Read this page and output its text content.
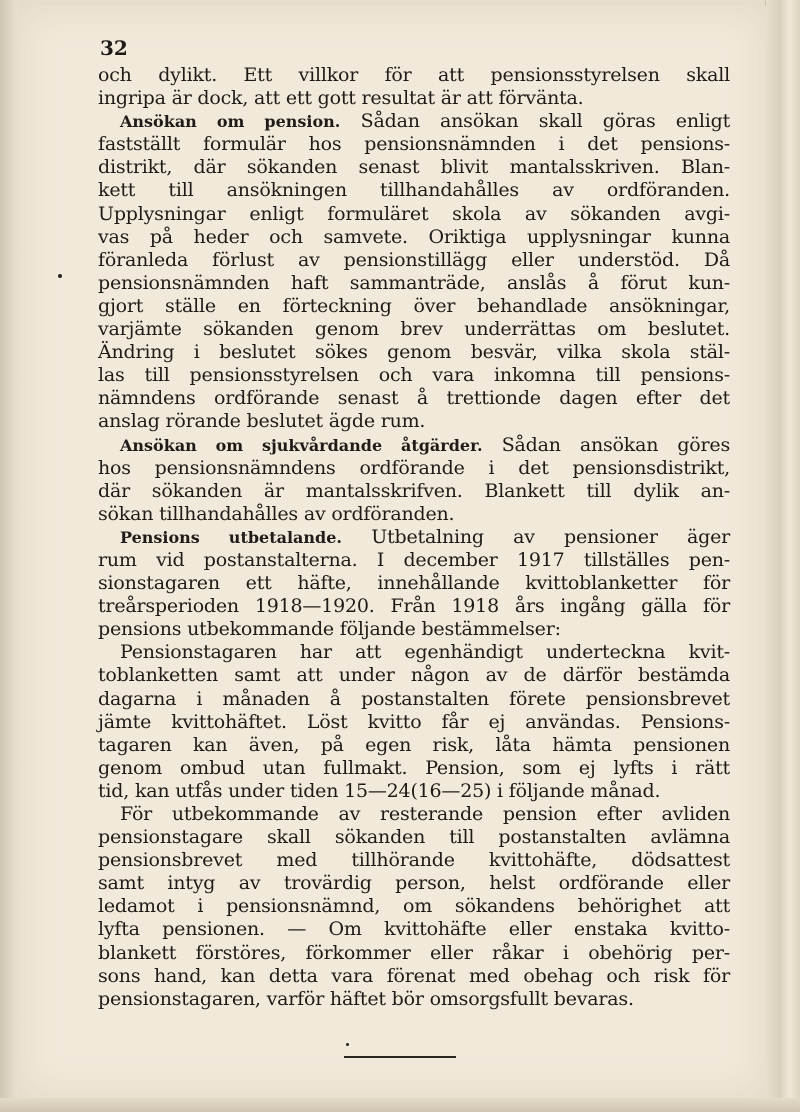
32
och dylikt. Ett villkor för att pensionsstyrelsen skall
ingripa är dock, att ett gott resultat är att förvänta.
Ansökan om pension. Sådan ansökan skall göras enligt
fastställt formulär hos pensionsnämnden i det pensions-
distrikt, där sökanden senast blivit mantalsskriven. Blan-
kett till ansökningen tillhandahålles av ordföranden.
Upplysningar enligt formuläret skola av sökanden avgi-
vas på heder och samvete. Oriktiga upplysningar kunna
föranleda förlust av pensionstillägg eller understöd. Då
pensionsnämnden haft sammanträde, anslås å förut kun-
gjort ställe en förteckning över behandlade ansökningar,
varjämte sökanden genom brev underrättas om beslutet.
Ändring i beslutet sökes genom besvär, vilka skola stäl-
las till pensionsstyrelsen och vara inkomna till pensions-
nämndens ordförande senast å trettionde dagen efter det
anslag rörande beslutet ägde rum.
Ansökan om sjukvårdande åtgärder. Sådan ansökan göres
hos pensionsnämndens ordförande i det pensionsdistrikt,
där sökanden är mantalsskrifven. Blankett till dylik an-
sökan tillhandahålles av ordföranden.
Pensions utbetalande. Utbetalning av pensioner äger
rum vid postanstalterna. I december 1917 tillställes pen-
sionstagaren ett häfte, innehållande kvittoblanketter för
treårsperioden 1918—1920. Från 1918 års ingång gälla för
pensions utbekommande följande bestämmelser:
Pensionstagaren har att egenhändigt underteckna kvit-
toblanketten samt att under någon av de därför bestämda
dagarna i månaden å postanstalten förete pensionsbrevet
jämte kvittohäftet. Löst kvitto får ej användas. Pensions-
tagaren kan även, på egen risk, låta hämta pensionen
genom ombud utan fullmakt. Pension, som ej lyfts i rätt
tid, kan utfås under tiden 15—24(16—25) i följande månad.
För utbekommande av resterande pension efter avliden
pensionstagare skall sökanden till postanstalten avlämna
pensionsbrevet med tillhörande kvittohäfte, dödsattest
samt intyg av trovärdig person, helst ordförande eller
ledamot i pensionsnämnd, om sökandens behörighet att
lyfta pensionen. — Om kvittohäfte eller enstaka kvitto-
blankett förstöres, förkommer eller råkar i obehörig per-
sons hand, kan detta vara förenat med obehag och risk för
pensionstagaren, varför häftet bör omsorgsfullt bevaras.
